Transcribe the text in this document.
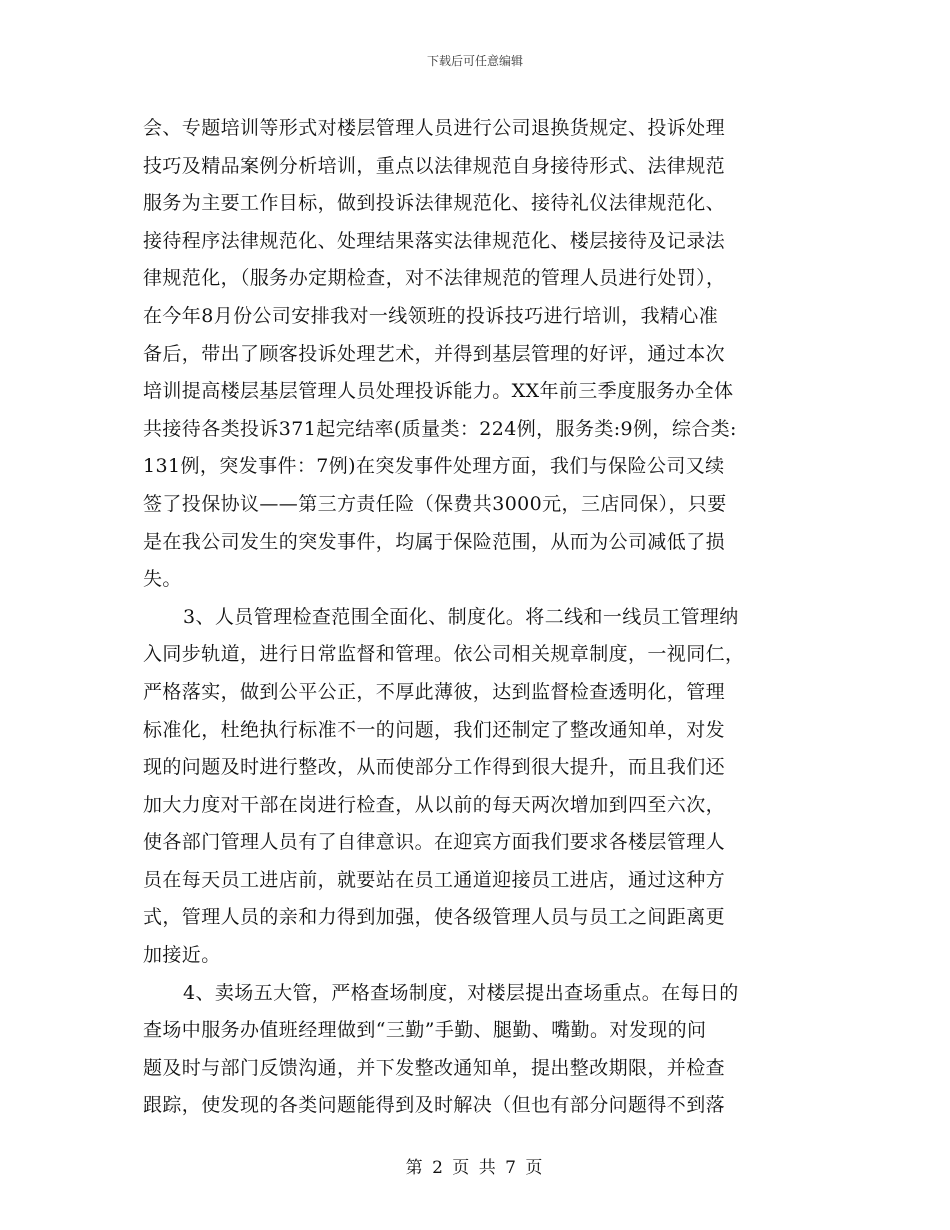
下载后可任意编辑
会、专题培训等形式对楼层管理人员进行公司退换货规定、投诉处理
技巧及精品案例分析培训，重点以法律规范自身接待形式、法律规范
服务为主要工作目标，做到投诉法律规范化、接待礼仪法律规范化、
接待程序法律规范化、处理结果落实法律规范化、楼层接待及记录法
律规范化，（服务办定期检查，对不法律规范的管理人员进行处罚），
在今年8月份公司安排我对一线领班的投诉技巧进行培训，我精心准
备后，带出了顾客投诉处理艺术，并得到基层管理的好评，通过本次
培训提高楼层基层管理人员处理投诉能力。XX年前三季度服务办全体
共接待各类投诉371起完结率(质量类：224例，服务类:9例，综合类:
131例，突发事件：7例)在突发事件处理方面，我们与保险公司又续
签了投保协议——第三方责任险（保费共3000元，三店同保），只要
是在我公司发生的突发事件，均属于保险范围，从而为公司减低了损
失。
3、人员管理检查范围全面化、制度化。将二线和一线员工管理纳
入同步轨道，进行日常监督和管理。依公司相关规章制度，一视同仁，
严格落实，做到公平公正，不厚此薄彼，达到监督检查透明化，管理
标准化，杜绝执行标准不一的问题，我们还制定了整改通知单，对发
现的问题及时进行整改，从而使部分工作得到很大提升，而且我们还
加大力度对干部在岗进行检查，从以前的每天两次增加到四至六次，
使各部门管理人员有了自律意识。在迎宾方面我们要求各楼层管理人
员在每天员工进店前，就要站在员工通道迎接员工进店，通过这种方
式，管理人员的亲和力得到加强，使各级管理人员与员工之间距离更
加接近。
4、卖场五大管，严格查场制度，对楼层提出查场重点。在每日的
查场中服务办值班经理做到“三勤”手勤、腿勤、嘴勤。对发现的问
题及时与部门反馈沟通，并下发整改通知单，提出整改期限，并检查
跟踪，使发现的各类问题能得到及时解决（但也有部分问题得不到落
第 2 页 共 7 页
